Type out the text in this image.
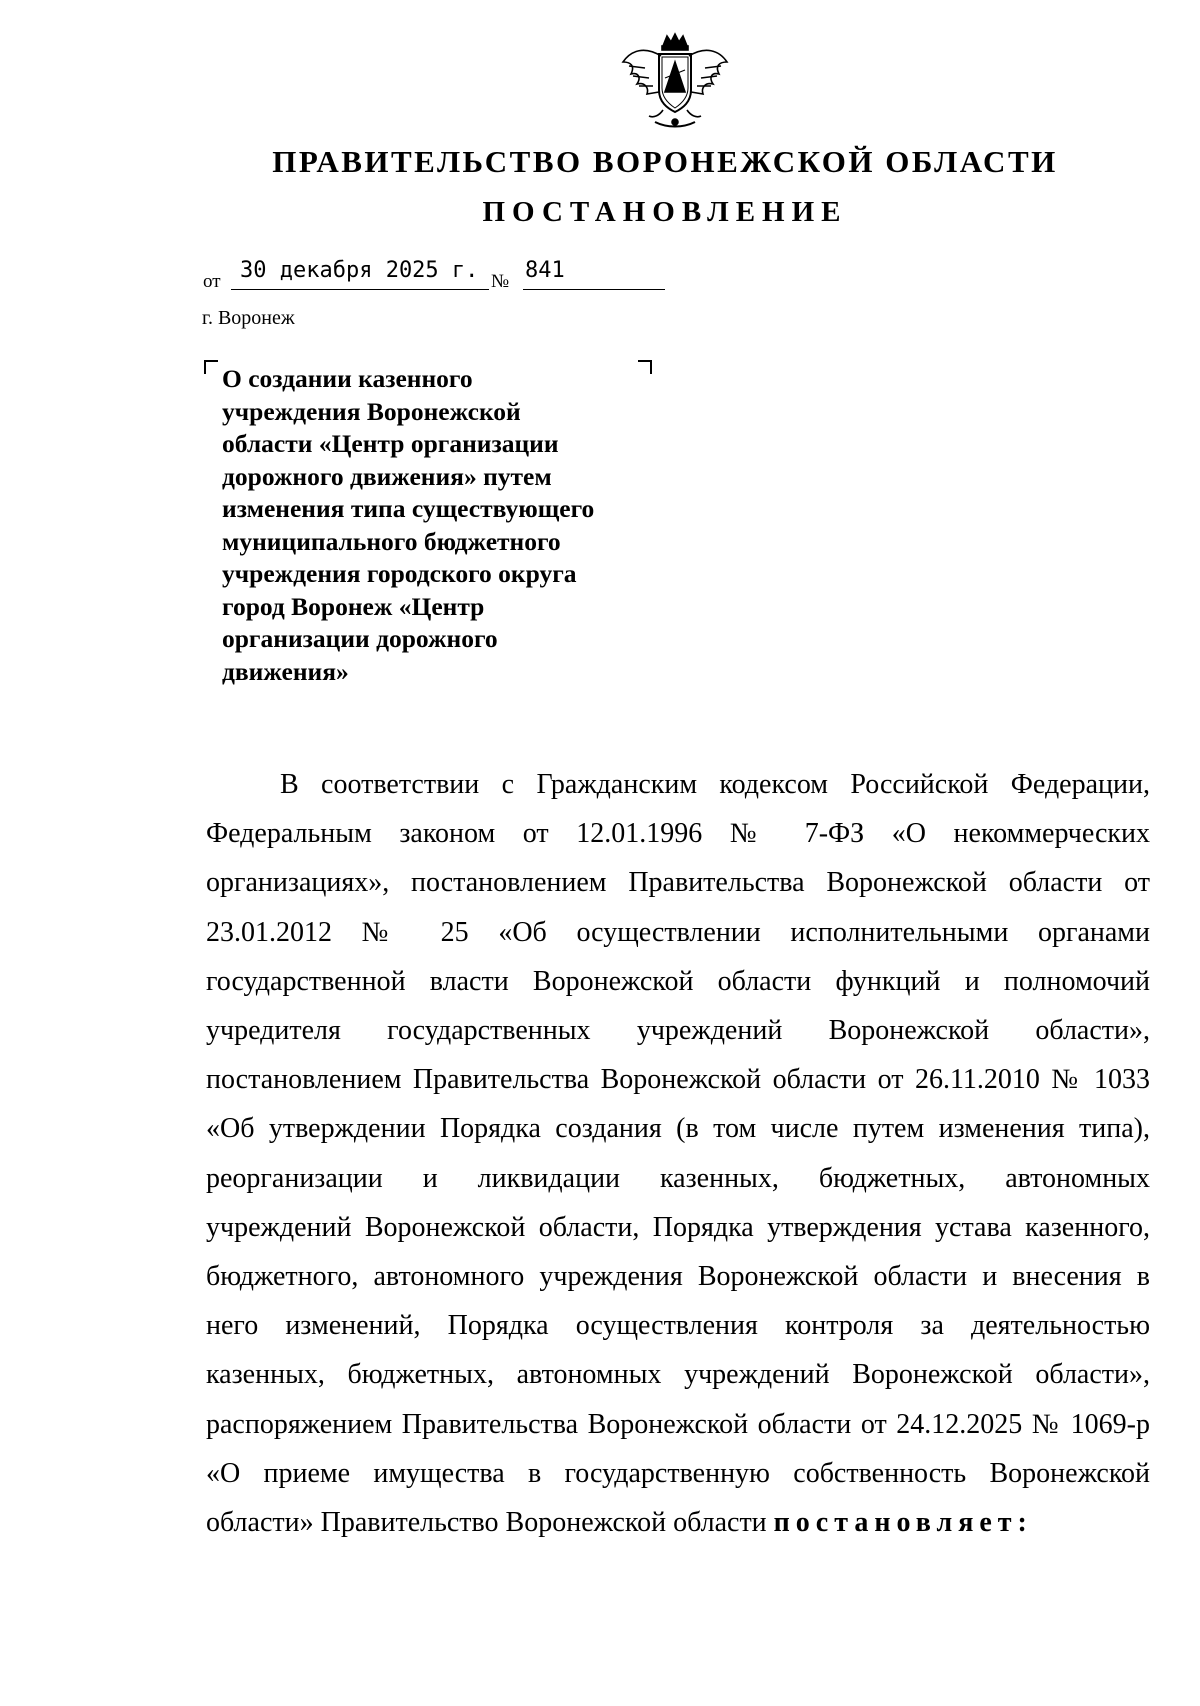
ПРАВИТЕЛЬСТВО ВОРОНЕЖСКОЙ ОБЛАСТИ
ПОСТАНОВЛЕНИЕ
от 30 декабря 2025 г. № 841

г. Воронеж

О создании казенного
учреждения Воронежской
области «Центр организации
дорожного движения» путем
изменения типа существующего
муниципального бюджетного
учреждения городского округа
город Воронеж «Центр
организации дорожного
движения»

В соответствии с Гражданским кодексом Российской Федерации,
Федеральным законом от 12.01.1996 № 7-ФЗ «О некоммерческих
организациях», постановлением Правительства Воронежской области от
23.01.2012 № 25 «Об осуществлении исполнительными органами
государственной власти Воронежской области функций и полномочий
учредителя государственных учреждений Воронежской области»,
постановлением Правительства Воронежской области от 26.11.2010 № 1033
«Об утверждении Порядка создания (в том числе путем изменения типа),
реорганизации и ликвидации казенных, бюджетных, автономных
учреждений Воронежской области, Порядка утверждения устава казенного,
бюджетного, автономного учреждения Воронежской области и внесения в
него изменений, Порядка осуществления контроля за деятельностью
казенных, бюджетных, автономных учреждений Воронежской области»,
распоряжением Правительства Воронежской области от 24.12.2025 № 1069-р
«О приеме имущества в государственную собственность Воронежской
области» Правительство Воронежской области постановляет:
